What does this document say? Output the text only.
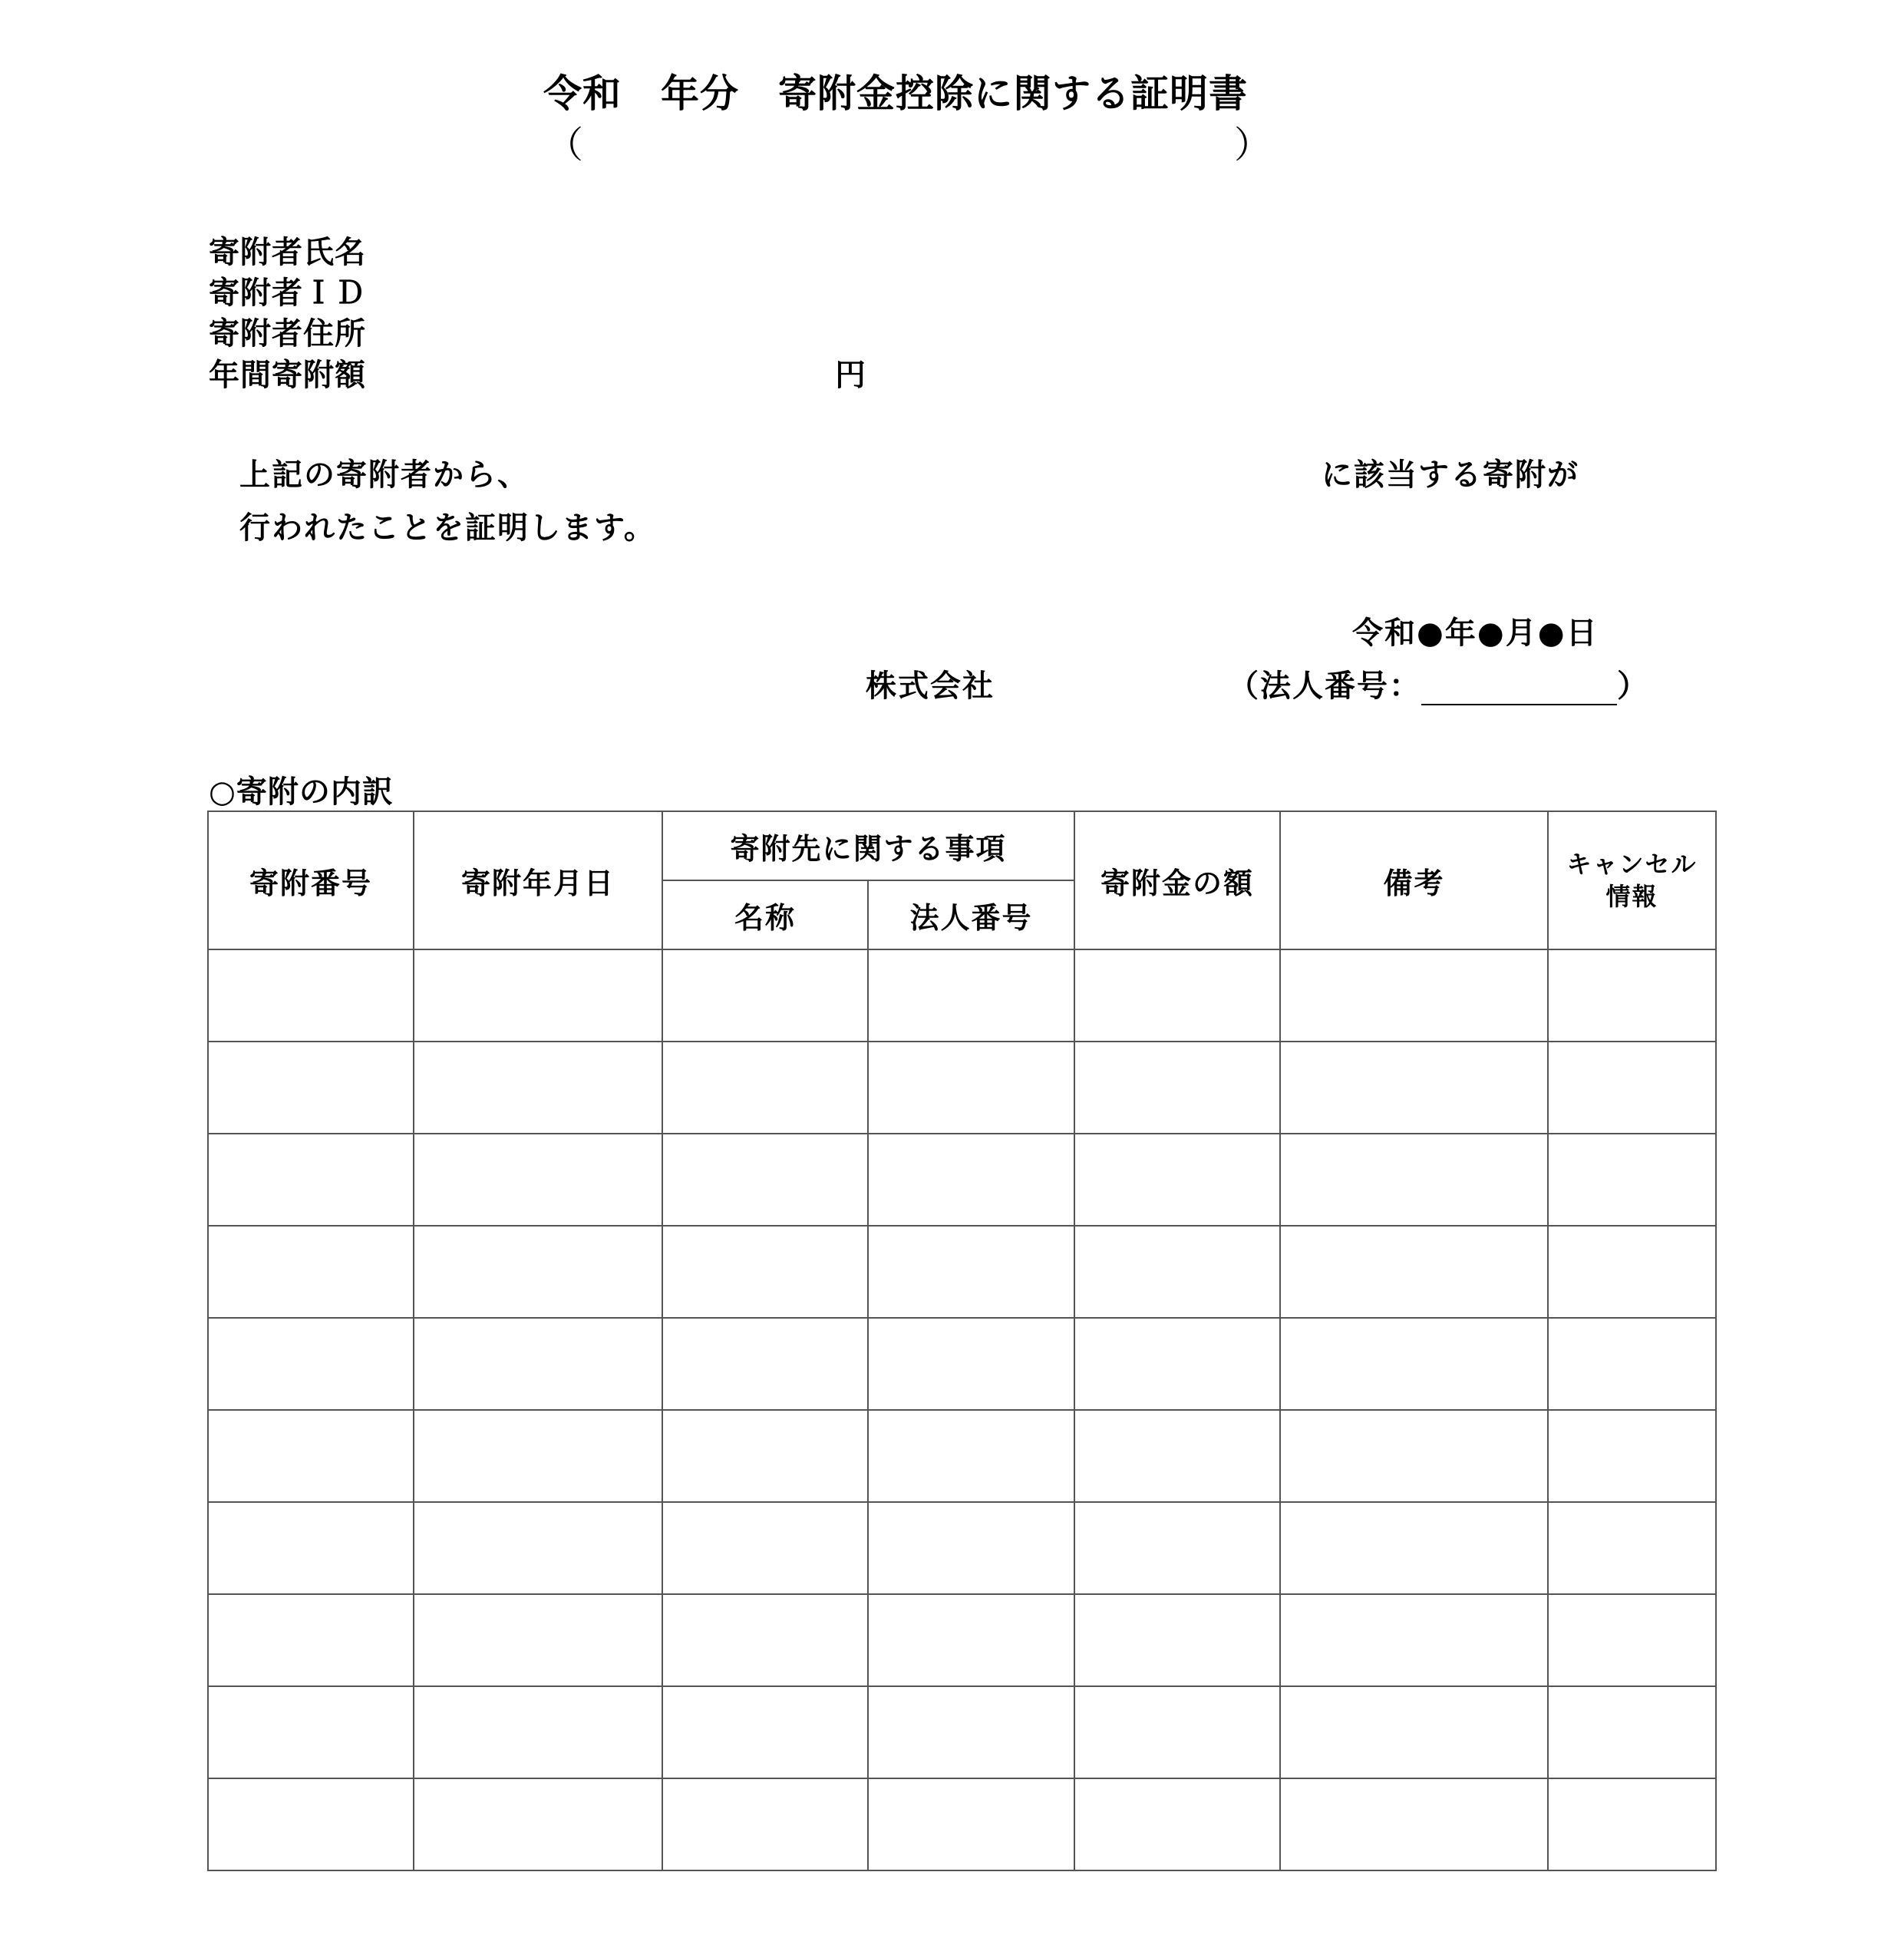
令和　年分　寄附金控除に関する証明書
（	）
寄附者氏名
寄附者ＩＤ
寄附者住所
年間寄附額	円
上記の寄附者から、	に該当する寄附が
行われたことを証明します。
令和●年●月●日
株式会社	（法人番号：	）
○寄附の内訳
寄附番号	寄附年月日	寄附先に関する事項		寄附金の額	備考	キャンセル
情報

		名称	法人番号			
